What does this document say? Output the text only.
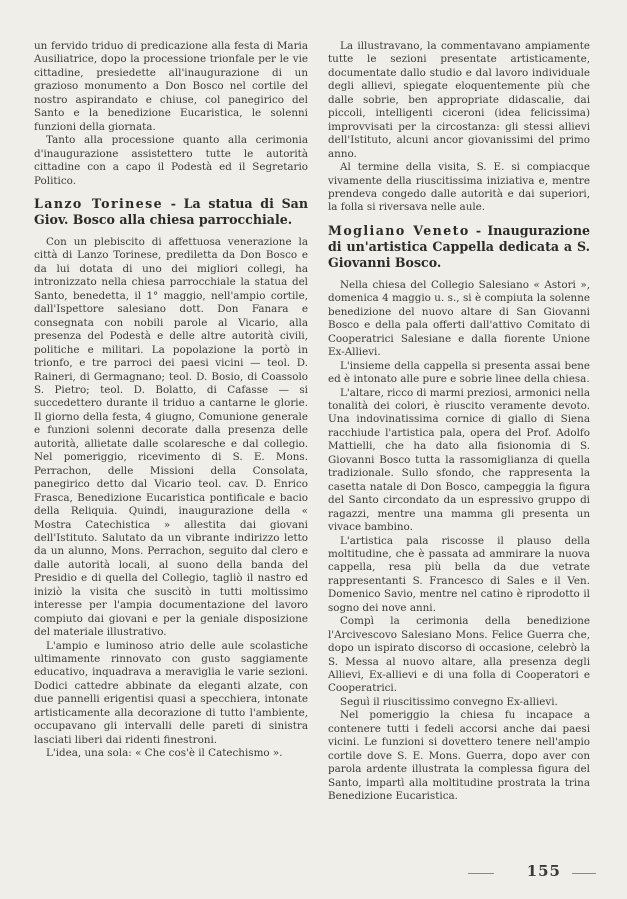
un fervido triduo di predicazione alla festa di Maria Ausiliatrice, dopo la processione trionfale per le vie cittadine, presiedette all'inaugurazione di un grazioso monumento a Don Bosco nel cortile del nostro aspirandato e chiuse, col panegirico del Santo e la benedizione Eucaristica, le solenni funzioni della giornata.

Tanto alla processione quanto alla cerimonia d'inaugurazione assistettero tutte le autorità cittadine con a capo il Podestà ed il Segretario Politico.

Lanzo Torinese - La statua di San Giov. Bosco alla chiesa parrocchiale.

Con un plebiscito di affettuosa venerazione la città di Lanzo Torinese, prediletta da Don Bosco e da lui dotata di uno dei migliori collegi, ha intronizzato nella chiesa parrocchiale la statua del Santo, benedetta, il 1° maggio, nell'ampio cortile, dall'Ispettore salesiano dott. Don Fanara e consegnata con nobili parole al Vicario, alla presenza del Podestà e delle altre autorità civili, politiche e militari. La popolazione la portò in trionfo, e tre parroci dei paesi vicini — teol. D. Raineri, di Germagnano; teol. D. Bosio, di Coassolo S. Pietro; teol. D. Bolatto, di Cafasse — si succedettero durante il triduo a cantarne le glorie. Il giorno della festa, 4 giugno, Comunione generale e funzioni solenni decorate dalla presenza delle autorità, allietate dalle scolaresche e dal collegio. Nel pomeriggio, ricevimento di S. E. Mons. Perrachon, delle Missioni della Consolata, panegirico detto dal Vicario teol. cav. D. Enrico Frasca, Benedizione Eucaristica pontificale e bacio della Reliquia. Quindi, inaugurazione della « Mostra Catechistica » allestita dai giovani dell'Istituto. Salutato da un vibrante indirizzo letto da un alunno, Mons. Perrachon, seguito dal clero e dalle autorità locali, al suono della banda del Presidio e di quella del Collegio, tagliò il nastro ed iniziò la visita che suscitò in tutti moltissimo interesse per l'ampia documentazione del lavoro compiuto dai giovani e per la geniale disposizione del materiale illustrativo.

L'ampio e luminoso atrio delle aule scolastiche ultimamente rinnovato con gusto saggiamente educativo, inquadrava a meraviglia le varie sezioni. Dodici cattedre abbinate da eleganti alzate, con due pannelli erigentisi quasi a specchiera, intonate artisticamente alla decorazione di tutto l'ambiente, occupavano gli intervalli delle pareti di sinistra lasciati liberi dai ridenti finestroni.

L'idea, una sola: « Che cos'è il Catechismo ».

La illustravano, la commentavano ampiamente tutte le sezioni presentate artisticamente, documentate dallo studio e dal lavoro individuale degli allievi, spiegate eloquentemente più che dalle sobrie, ben appropriate didascalie, dai piccoli, intelligenti ciceroni (idea felicissima) improvvisati per la circostanza: gli stessi allievi dell'Istituto, alcuni ancor giovanissimi del primo anno.

Al termine della visita, S. E. si compiacque vivamente della riuscitissima iniziativa e, mentre prendeva congedo dalle autorità e dai superiori, la folla si riversava nelle aule.

Mogliano Veneto - Inaugurazione di un'artistica Cappella dedicata a S. Giovanni Bosco.

Nella chiesa del Collegio Salesiano « Astori », domenica 4 maggio u. s., si è compiuta la solenne benedizione del nuovo altare di San Giovanni Bosco e della pala offerti dall'attivo Comitato di Cooperatrici Salesiane e dalla fiorente Unione Ex-Allievi.

L'insieme della cappella si presenta assai bene ed è intonato alle pure e sobrie linee della chiesa.

L'altare, ricco di marmi preziosi, armonici nella tonalità dei colori, è riuscito veramente devoto. Una indovinatissima cornice di giallo di Siena racchiude l'artistica pala, opera del Prof. Adolfo Mattielli, che ha dato alla fisionomia di S. Giovanni Bosco tutta la rassomiglianza di quella tradizionale. Sullo sfondo, che rappresenta la casetta natale di Don Bosco, campeggia la figura del Santo circondato da un espressivo gruppo di ragazzi, mentre una mamma gli presenta un vivace bambino.

L'artistica pala riscosse il plauso della moltitudine, che è passata ad ammirare la nuova cappella, resa più bella da due vetrate rappresentanti S. Francesco di Sales e il Ven. Domenico Savio, mentre nel catino è riprodotto il sogno dei nove anni.

Compì la cerimonia della benedizione l'Arcivescovo Salesiano Mons. Felice Guerra che, dopo un ispirato discorso di occasione, celebrò la S. Messa al nuovo altare, alla presenza degli Allievi, Ex-allievi e di una folla di Cooperatori e Cooperatrici.

Seguì il riuscitissimo convegno Ex-allievi.

Nel pomeriggio la chiesa fu incapace a contenere tutti i fedeli accorsi anche dai paesi vicini. Le funzioni si dovettero tenere nell'ampio cortile dove S. E. Mons. Guerra, dopo aver con parola ardente illustrata la complessa figura del Santo, impartì alla moltitudine prostrata la trina Benedizione Eucaristica.

155
